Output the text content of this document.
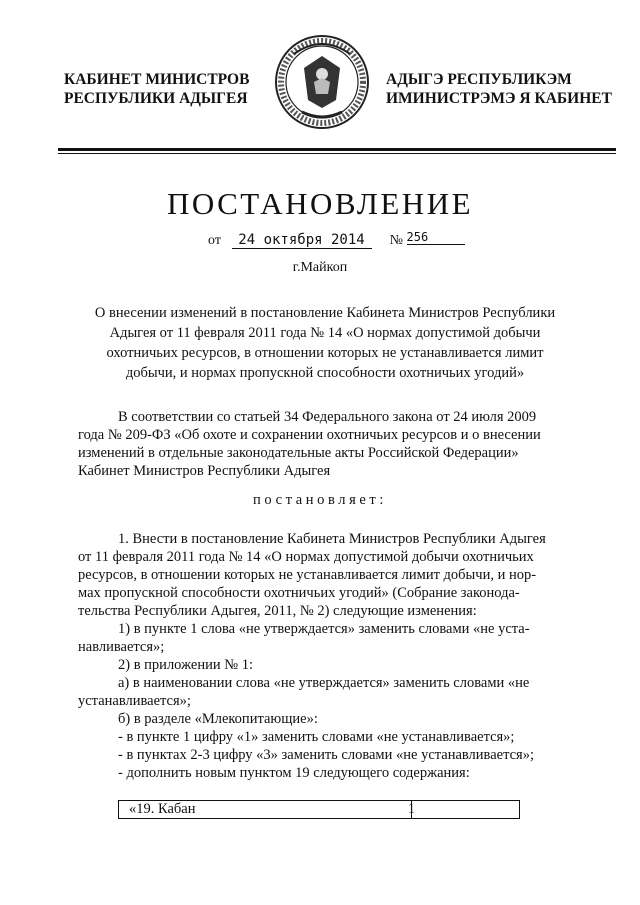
КАБИНЕТ МИНИСТРОВ
РЕСПУБЛИКИ АДЫГЕЯ
АДЫГЭ РЕСПУБЛИКЭМ
ИМИНИСТРЭМЭ Я КАБИНЕТ
ПОСТАНОВЛЕНИЕ
от 24 октября 2014 № 256
г.Майкоп
О внесении изменений в постановление Кабинета Министров Республики
Адыгея от 11 февраля 2011 года № 14 «О нормах допустимой добычи
охотничьих ресурсов, в отношении которых не устанавливается лимит
добычи, и нормах пропускной способности охотничьих угодий»

В соответствии со статьей 34 Федерального закона от 24 июля 2009

года № 209-ФЗ «Об охоте и сохранении охотничьих ресурсов и о внесении

изменений в отдельные законодательные акты Российской Федерации»

Кабинет Министров Республики Адыгея

постановляет:

1. Внести в постановление Кабинета Министров Республики Адыгея

от 11 февраля 2011 года № 14 «О нормах допустимой добычи охотничьих

ресурсов, в отношении которых не устанавливается лимит добычи, и нор-

мах пропускной способности охотничьих угодий» (Собрание законода-

тельства Республики Адыгея, 2011, № 2) следующие изменения:

1) в пункте 1 слова «не утверждается» заменить словами «не уста-

навливается»;

2) в приложении № 1:

а) в наименовании слова «не утверждается» заменить словами «не

устанавливается»;

б) в разделе «Млекопитающие»:

- в пункте 1 цифру «1» заменить словами «не устанавливается»;

- в пунктах 2-3 цифру «3» заменить словами «не устанавливается»;

- дополнить новым пунктом 19 следующего содержания:

«19. Кабан	1
